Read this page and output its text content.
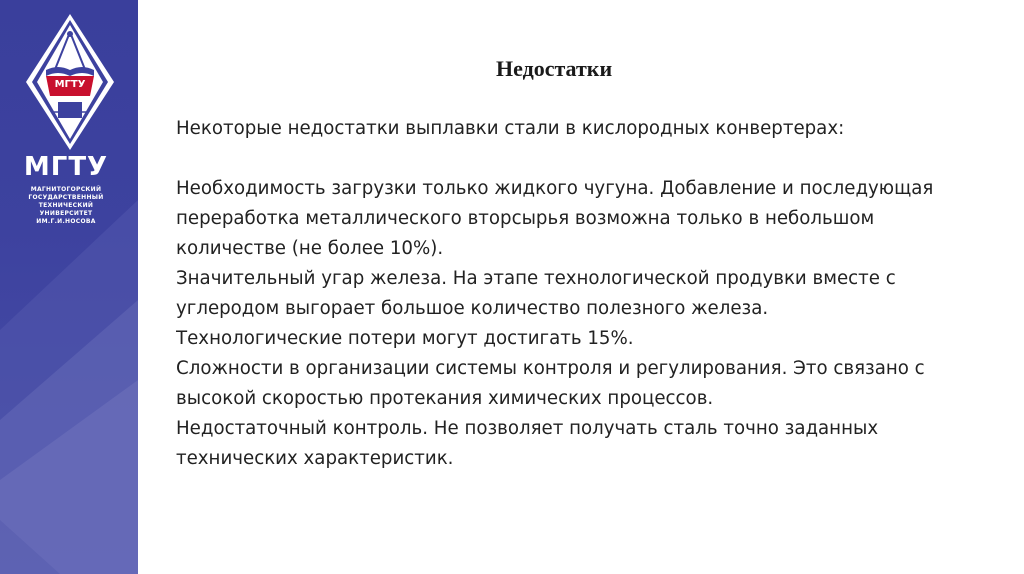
МГТУ
МГТУ
МАГНИТОГОРСКИЙ
ГОСУДАРСТВЕННЫЙ
ТЕХНИЧЕСКИЙ
УНИВЕРСИТЕТ
ИМ.Г.И.НОСОВА
Недостатки
Некоторые недостатки выплавки стали в кислородных конвертерах:
Необходимость загрузки только жидкого чугуна. Добавление и последующая
переработка металлического вторсырья возможна только в небольшом
количестве (не более 10%).
Значительный угар железа. На этапе технологической продувки вместе с
углеродом выгорает большое количество полезного железа.
Технологические потери могут достигать 15%.
Сложности в организации системы контроля и регулирования. Это связано с
высокой скоростью протекания химических процессов.
Недостаточный контроль. Не позволяет получать сталь точно заданных
технических характеристик.
